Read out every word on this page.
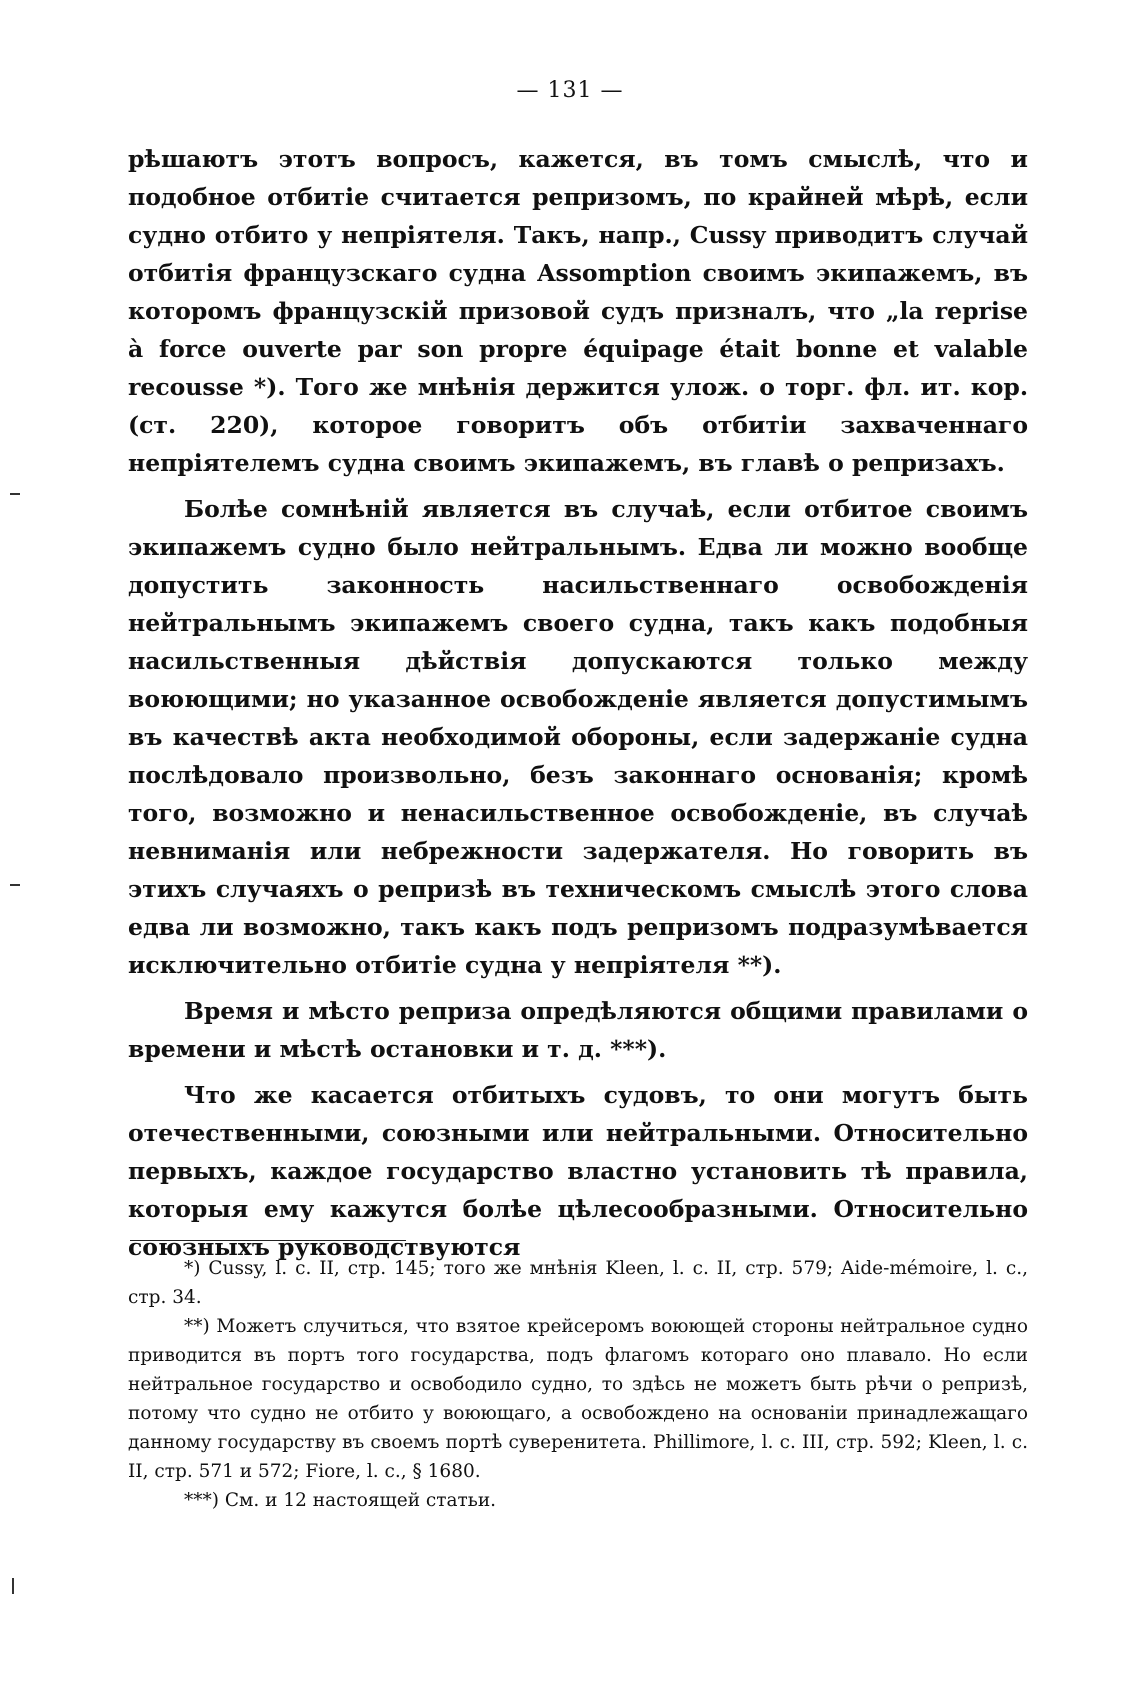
— 131 —

рѣшаютъ этотъ вопросъ, кажется, въ томъ смыслѣ, что и подобное отбитіе считается репризомъ, по крайней мѣрѣ, если судно отбито у непріятеля. Такъ, напр., Cussy приводитъ случай отбитія французскаго судна Assomption своимъ экипажемъ, въ которомъ французскій призовой судъ призналъ, что „la reprise à force ouverte par son propre équipage était bonne et valable recousse *). Того же мнѣнія держится улож. о торг. фл. ит. кор. (ст. 220), которое говоритъ объ отбитіи захваченнаго непріятелемъ судна своимъ экипажемъ, въ главѣ о репризахъ.

Болѣе сомнѣній является въ случаѣ, если отбитое своимъ экипажемъ судно было нейтральнымъ. Едва ли можно вообще допустить законность насильственнаго освобожденія нейтральнымъ экипажемъ своего судна, такъ какъ подобныя насильственныя дѣйствія допускаются только между воюющими; но указанное освобожденіе является допустимымъ въ качествѣ акта необходимой обороны, если задержаніе судна послѣдовало произвольно, безъ законнаго основанія; кромѣ того, возможно и ненасильственное освобожденіе, въ случаѣ невниманія или небрежности задержателя. Но говорить въ этихъ случаяхъ о репризѣ въ техническомъ смыслѣ этого слова едва ли возможно, такъ какъ подъ репризомъ подразумѣвается исключительно отбитіе судна у непріятеля **).

Время и мѣсто реприза опредѣляются общими правилами о времени и мѣстѣ остановки и т. д. ***).

Что же касается отбитыхъ судовъ, то они могутъ быть отечественными, союзными или нейтральными. Относительно первыхъ, каждое государство властно установить тѣ правила, которыя ему кажутся болѣе цѣлесообразными. Относительно союзныхъ руководствуются

*) Cussy, l. c. II, стр. 145; того же мнѣнія Kleen, l. c. II, стр. 579; Aide-mémoire, l. c., стр. 34.

**) Можетъ случиться, что взятое крейсеромъ воюющей стороны нейтральное судно приводится въ портъ того государства, подъ флагомъ котораго оно плавало. Но если нейтральное государство и освободило судно, то здѣсь не можетъ быть рѣчи о репризѣ, потому что судно не отбито у воюющаго, а освобождено на основаніи принадлежащаго данному государству въ своемъ портѣ суверенитета. Phillimore, l. c. III, стр. 592; Kleen, l. c. II, стр. 571 и 572; Fiore, l. c., § 1680.

***) См. и 12 настоящей статьи.
